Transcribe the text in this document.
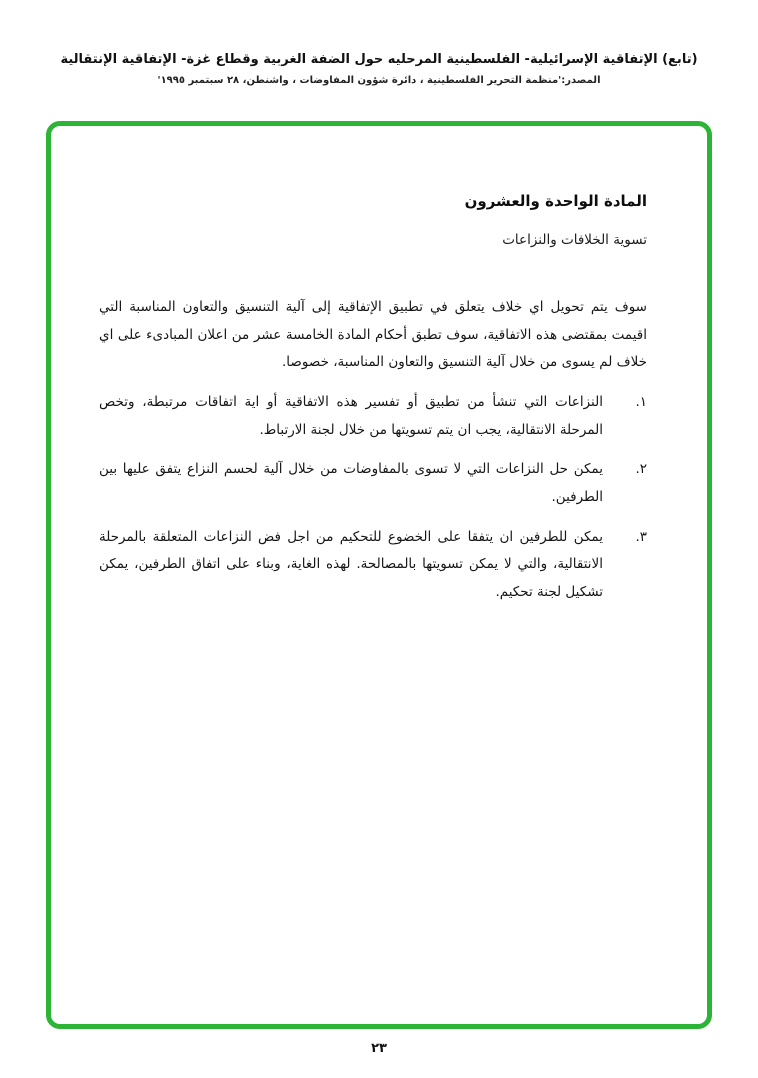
(تابع) الإتفاقية الإسرائيلية- الفلسطينية المرحليه حول الضفة الغربية وقطاع غزة- الإتفاقية الإنتقالية
المصدر:'منظمة التحرير الفلسطينية ، دائرة شؤون المفاوضات ، واشنطن، ٢٨ سبتمبر ١٩٩٥'
المادة الواحدة والعشرون
تسوية الخلافات والنزاعات

سوف يتم تحويل اي خلاف يتعلق في تطبيق الإتفاقية إلى آلية التنسيق والتعاون المناسبة التي اقيمت بمقتضى هذه الاتفاقية، سوف تطبق أحكام المادة الخامسة عشر من اعلان المبادىء على اي خلاف لم يسوى من خلال آلية التنسيق والتعاون المناسبة، خصوصا.

١.
النزاعات التي تنشأ من تطبيق أو تفسير هذه الاتفاقية أو اية اتفاقات مرتبطة، وتخص المرحلة الانتقالية، يجب ان يتم تسويتها من خلال لجنة الارتباط.
٢.
يمكن حل النزاعات التي لا تسوى بالمفاوضات من خلال آلية لحسم النزاع يتفق عليها بين الطرفين.
٣.
يمكن للطرفين ان يتفقا على الخضوع للتحكيم من اجل فض النزاعات المتعلقة بالمرحلة الانتقالية، والتي لا يمكن تسويتها بالمصالحة. لهذه الغاية، وبناء على اتفاق الطرفين، يمكن تشكيل لجنة تحكيم.
٢٣
